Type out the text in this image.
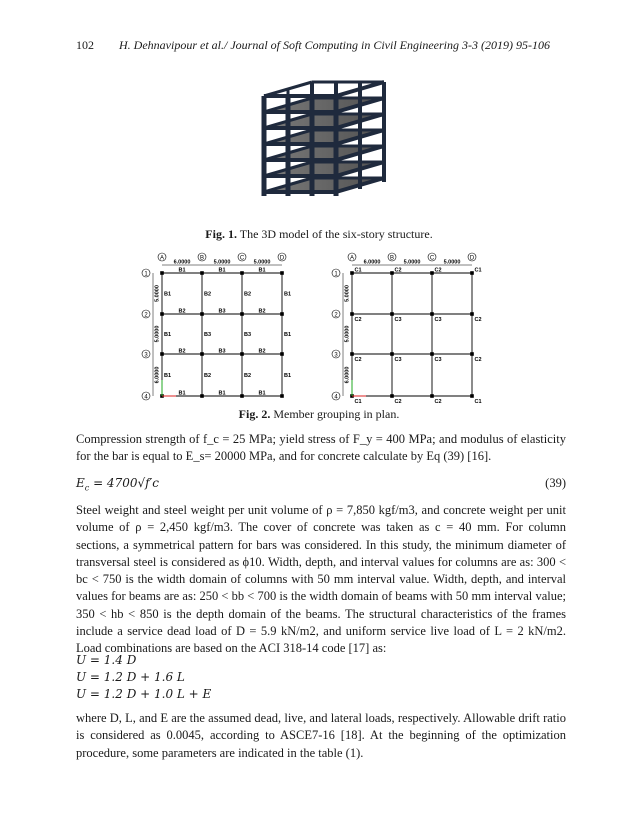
102 H. Dehnavipour et al./ Journal of Soft Computing in Civil Engineering 3-3 (2019) 95-106
Fig. 1. The 3D model of the six-story structure.
A	B	C	D
1
2
3
4
6.0000	5.0000	5.0000
5.0000
5.0000
6.0000
B1	B1	B1
B2	B3	B2
B2	B3	B2
B1	B1	B1
B1	B2	B2	B1
B1	B3	B3	B1
B1	B2	B2	B1
A	B	C	D
1
2
3
4
6.0000	5.0000	5.0000
5.0000
5.0000
6.0000
C1	C2	C2	C1
C2	C3	C3	C2
C2	C3	C3	C2
C1	C2	C2	C1
Fig. 2. Member grouping in plan.
Compression strength of f_c = 25 MPa; yield stress of F_y = 400 MPa; and modulus of elasticity for the bar is equal to E_s= 20000 MPa, and for concrete calculate by Eq (39) [16].
$E_c = 4700√f'c$	(39)
Steel weight and steel weight per unit volume of ρ = 7,850 kgf/m3, and concrete weight per unit volume of ρ = 2,450 kgf/m3. The cover of concrete was taken as c = 40 mm. For column sections, a symmetrical pattern for bars was considered. In this study, the minimum diameter of transversal steel is considered as ϕ10. Width, depth, and interval values for columns are as: 300 < bc < 750 is the width domain of columns with 50 mm interval value. Width, depth, and interval values for beams are as: 250 < bb < 700 is the width domain of beams with 50 mm interval value; 350 < hb < 850 is the depth domain of the beams. The structural characteristics of the frames include a service dead load of D = 5.9 kN/m2, and uniform service live load of L = 2 kN/m2. Load combinations are based on the ACI 318-14 code [17] as:
U = 1.4 D
U = 1.2 D + 1.6 L
U = 1.2 D + 1.0 L + E
where D, L, and E are the assumed dead, live, and lateral loads, respectively. Allowable drift ratio is considered as 0.0045, according to ASCE7-16 [18]. At the beginning of the optimization procedure, some parameters are indicated in the table (1).
